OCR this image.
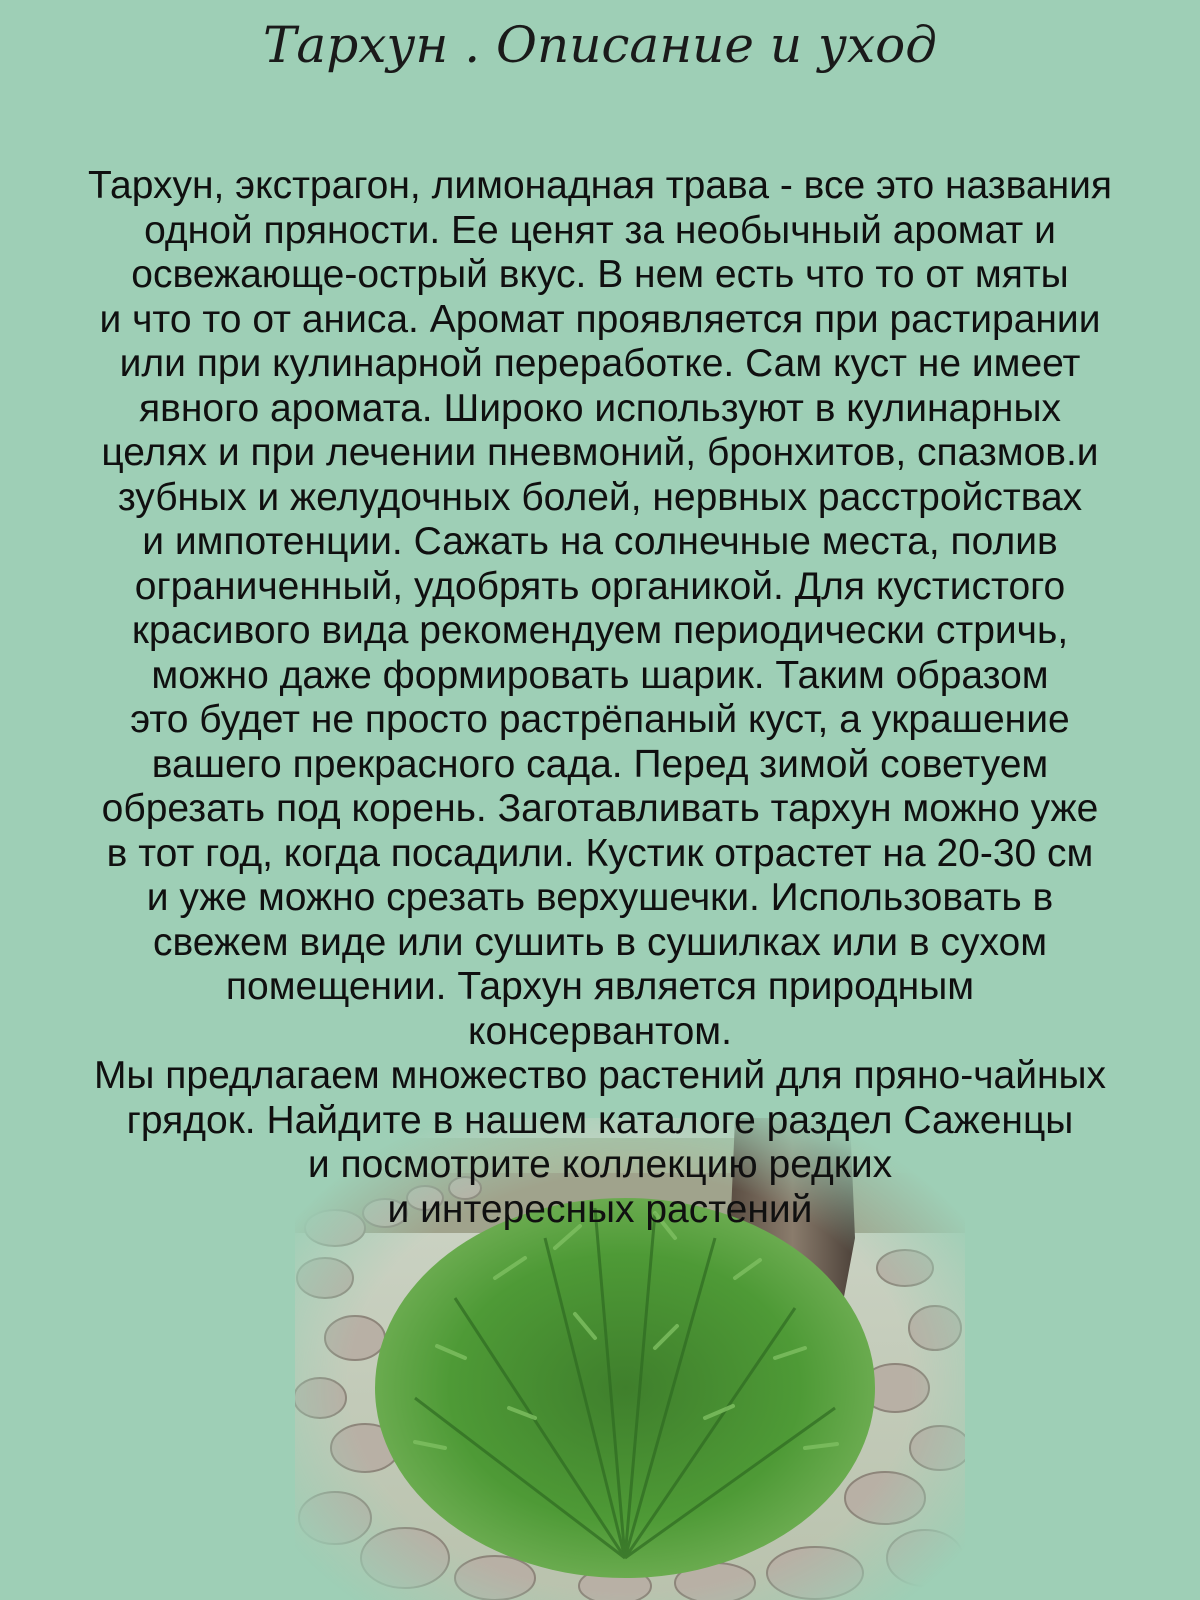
Тархун . Описание и уход
Тархун, экстрагон, лимонадная трава - все это названия
одной пряности. Ее ценят за необычный аромат и
освежающе-острый вкус. В нем есть что то от мяты
и что то от аниса. Аромат проявляется при растирании
или при кулинарной переработке. Сам куст не имеет
явного аромата. Широко используют в кулинарных
целях и при лечении пневмоний, бронхитов, спазмов.и
зубных и желудочных болей, нервных расстройствах
и импотенции. Сажать на солнечные места, полив
ограниченный, удобрять органикой. Для кустистого
красивого вида рекомендуем периодически стричь,
можно даже формировать шарик. Таким образом
это будет не просто растрёпаный куст, а украшение
вашего прекрасного сада. Перед зимой советуем
обрезать под корень. Заготавливать тархун можно уже
в тот год, когда посадили. Кустик отрастет на 20-30 см
и уже можно срезать верхушечки. Использовать в
свежем виде или сушить в сушилках или в сухом
помещении. Тархун является природным
консервантом.
Мы предлагаем множество растений для пряно-чайных
грядок. Найдите в нашем каталоге раздел Саженцы
и посмотрите коллекцию редких
и интересных растений
